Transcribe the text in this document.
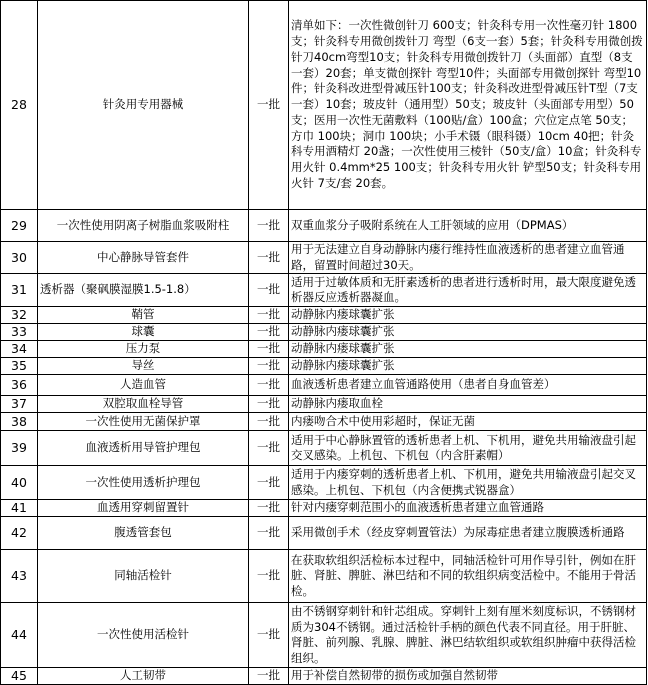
28	针灸用专用器械	一批	清单如下：一次性微创针刀 600支；针灸科专用一次性毫刃针 1800支；针灸科专用微创拨针刀 弯型（6支一套）5套；针灸科专用微创拨针刀40cm弯型10支；针灸科专用微创拨针刀（头面部）直型（8支一套）20套；单支微创探针 弯型10件；头面部专用微创探针 弯型10件；针灸科改进型骨减压针100支；针灸科改进型骨减压针T型（7支一套）10套；玻皮针（通用型）50支；玻皮针（头面部专用型）50支；医用一次性无菌敷料（100贴/盒）100盒；穴位定点笔 50支；方巾 100块；洞巾 100块；小手术镊（眼科镊）10cm 40把；针灸科专用酒精灯 20盏；一次性使用三棱针（50支/盒）10盒；针灸科专用火针 0.4mm*25 100支；针灸科专用火针 铲型50支；针灸科专用火针 7支/套 20套。
29	一次性使用阴离子树脂血浆吸附柱	一批	双重血浆分子吸附系统在人工肝领域的应用（DPMAS）
30	中心静脉导管套件	一批	用于无法建立自身动静脉内瘘行维持性血液透析的患者建立血管通路，留置时间超过30天。
31	透析器（聚砜膜湿膜1.5-1.8）	一批	适用于过敏体质和无肝素透析的患者进行透析时用，最大限度避免透析器反应透析器凝血。
32	鞘管	一批	动静脉内瘘球囊扩张
33	球囊	一批	动静脉内瘘球囊扩张
34	压力泵	一批	动静脉内瘘球囊扩张
35	导丝	一批	动静脉内瘘球囊扩张
36	人造血管	一批	血液透析患者建立血管通路使用（患者自身血管差）
37	双腔取血栓导管	一批	动静脉内瘘取血栓
38	一次性使用无菌保护罩	一批	内瘘吻合术中使用彩超时，保证无菌
39	血液透析用导管护理包	一批	适用于中心静脉置管的透析患者上机、下机用，避免共用输液盘引起交叉感染。上机包、下机包（内含肝素帽）
40	一次性使用透析护理包	一批	适用于内瘘穿刺的透析患者上机、下机用，避免共用输液盘引起交叉感染。上机包、下机包（内含便携式锐器盒）
41	血透用穿刺留置针	一批	针对内瘘穿刺范围小的血液透析患者建立血管通路
42	腹透管套包	一批	采用微创手术（经皮穿刺置管法）为尿毒症患者建立腹膜透析通路
43	同轴活检针	一批	在获取软组织活检标本过程中，同轴活检针可用作导引针，例如在肝脏、肾脏、脾脏、淋巴结和不同的软组织病变活检中。不能用于骨活检。
44	一次性使用活检针	一批	由不锈钢穿刺针和针芯组成。穿刺针上刻有厘米刻度标识，不锈钢材质为304不锈钢。通过活检针手柄的颜色代表不同直径。用于肝脏、肾脏、前列腺、乳腺、脾脏、淋巴结软组织或软组织肿瘤中获得活检组织。
45	人工韧带	一批	用于补偿自然韧带的损伤或加强自然韧带
